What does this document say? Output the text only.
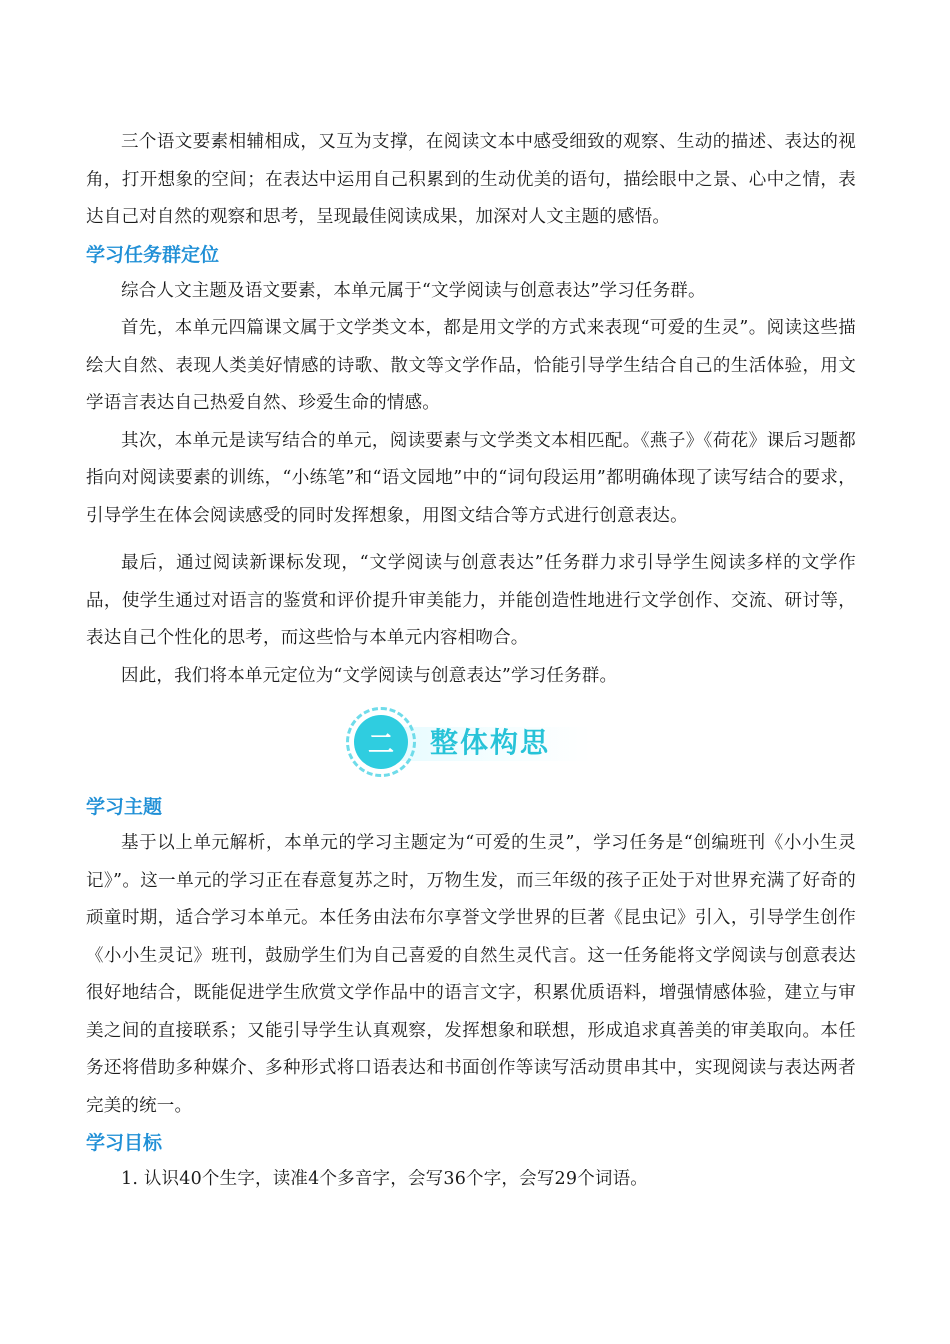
三个语文要素相辅相成，又互为支撑，在阅读文本中感受细致的观察、生动的描述、表达的视角，打开想象的空间；在表达中运用自己积累到的生动优美的语句，描绘眼中之景、心中之情，表达自己对自然的观察和思考，呈现最佳阅读成果，加深对人文主题的感悟。

学习任务群定位

综合人文主题及语文要素，本单元属于“文学阅读与创意表达”学习任务群。

首先，本单元四篇课文属于文学类文本，都是用文学的方式来表现“可爱的生灵”。阅读这些描绘大自然、表现人类美好情感的诗歌、散文等文学作品，恰能引导学生结合自己的生活体验，用文学语言表达自己热爱自然、珍爱生命的情感。

其次，本单元是读写结合的单元，阅读要素与文学类文本相匹配。《燕子》《荷花》课后习题都指向对阅读要素的训练，“小练笔”和“语文园地”中的“词句段运用”都明确体现了读写结合的要求，引导学生在体会阅读感受的同时发挥想象，用图文结合等方式进行创意表达。

最后，通过阅读新课标发现，“文学阅读与创意表达”任务群力求引导学生阅读多样的文学作品，使学生通过对语言的鉴赏和评价提升审美能力，并能创造性地进行文学创作、交流、研讨等，表达自己个性化的思考，而这些恰与本单元内容相吻合。

因此，我们将本单元定位为“文学阅读与创意表达”学习任务群。

二	整体构思
学习主题

基于以上单元解析，本单元的学习主题定为“可爱的生灵”，学习任务是“创编班刊《小小生灵记》”。这一单元的学习正在春意复苏之时，万物生发，而三年级的孩子正处于对世界充满了好奇的顽童时期，适合学习本单元。本任务由法布尔享誉文学世界的巨著《昆虫记》引入，引导学生创作《小小生灵记》班刊，鼓励学生们为自己喜爱的自然生灵代言。这一任务能将文学阅读与创意表达很好地结合，既能促进学生欣赏文学作品中的语言文字，积累优质语料，增强情感体验，建立与审美之间的直接联系；又能引导学生认真观察，发挥想象和联想，形成追求真善美的审美取向。本任务还将借助多种媒介、多种形式将口语表达和书面创作等读写活动贯串其中，实现阅读与表达两者完美的统一。

学习目标

1. 认识40个生字，读准4个多音字，会写36个字，会写29个词语。
